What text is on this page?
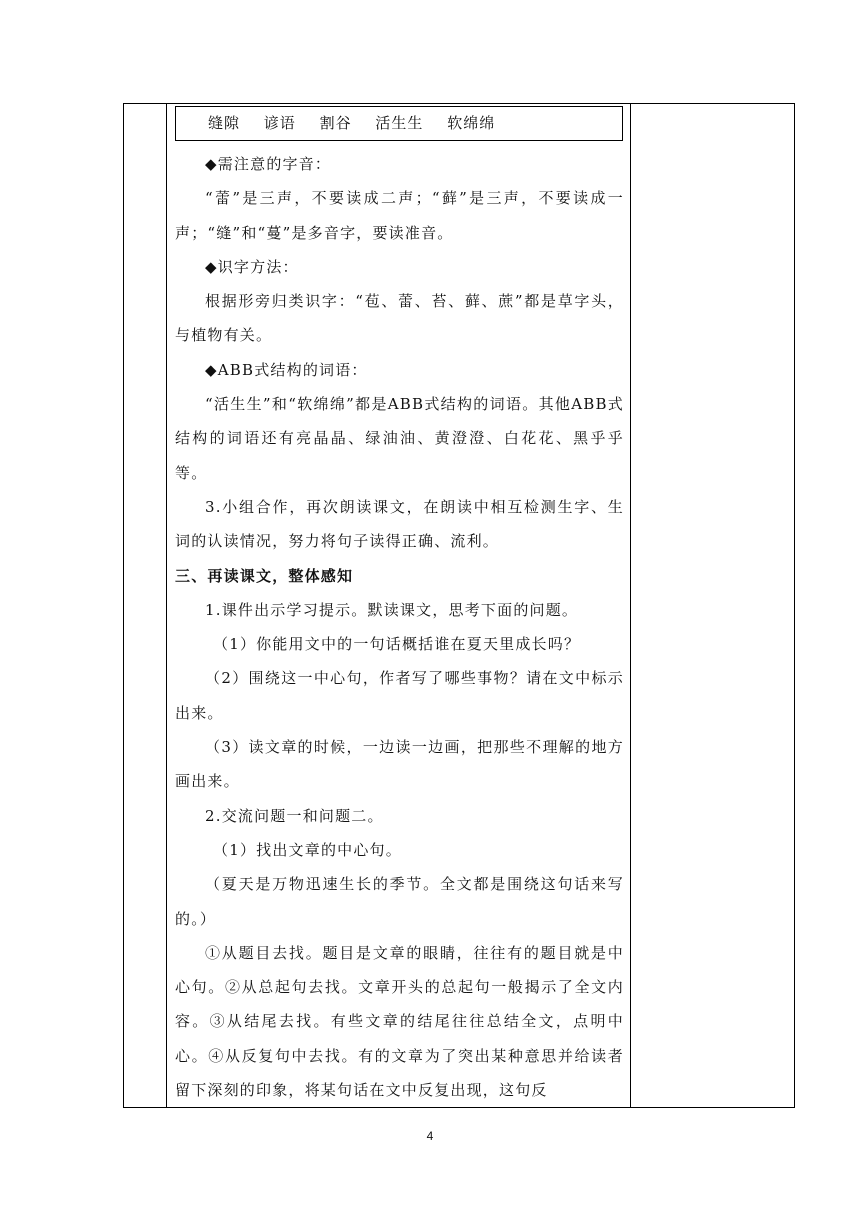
缝隙 谚语 割谷 活生生 软绵绵

◆需注意的字音：

“蕾”是三声，不要读成二声；“藓”是三声，不要读成一声；“缝”和“蔓”是多音字，要读准音。

◆识字方法：

根据形旁归类识字：“苞、蕾、苔、藓、蔗”都是草字头，与植物有关。

◆ABB式结构的词语：

“活生生”和“软绵绵”都是ABB式结构的词语。其他ABB式结构的词语还有亮晶晶、绿油油、黄澄澄、白花花、黑乎乎等。

3.小组合作，再次朗读课文，在朗读中相互检测生字、生词的认读情况，努力将句子读得正确、流利。

三、再读课文，整体感知

1.课件出示学习提示。默读课文，思考下面的问题。

（1）你能用文中的一句话概括谁在夏天里成长吗？

（2）围绕这一中心句，作者写了哪些事物？请在文中标示出来。

（3）读文章的时候，一边读一边画，把那些不理解的地方画出来。

2.交流问题一和问题二。

（1）找出文章的中心句。

（夏天是万物迅速生长的季节。全文都是围绕这句话来写的。）

①从题目去找。题目是文章的眼睛，往往有的题目就是中心句。②从总起句去找。文章开头的总起句一般揭示了全文内容。③从结尾去找。有些文章的结尾往往总结全文，点明中心。④从反复句中去找。有的文章为了突出某种意思并给读者留下深刻的印象，将某句话在文中反复出现，这句反

4
